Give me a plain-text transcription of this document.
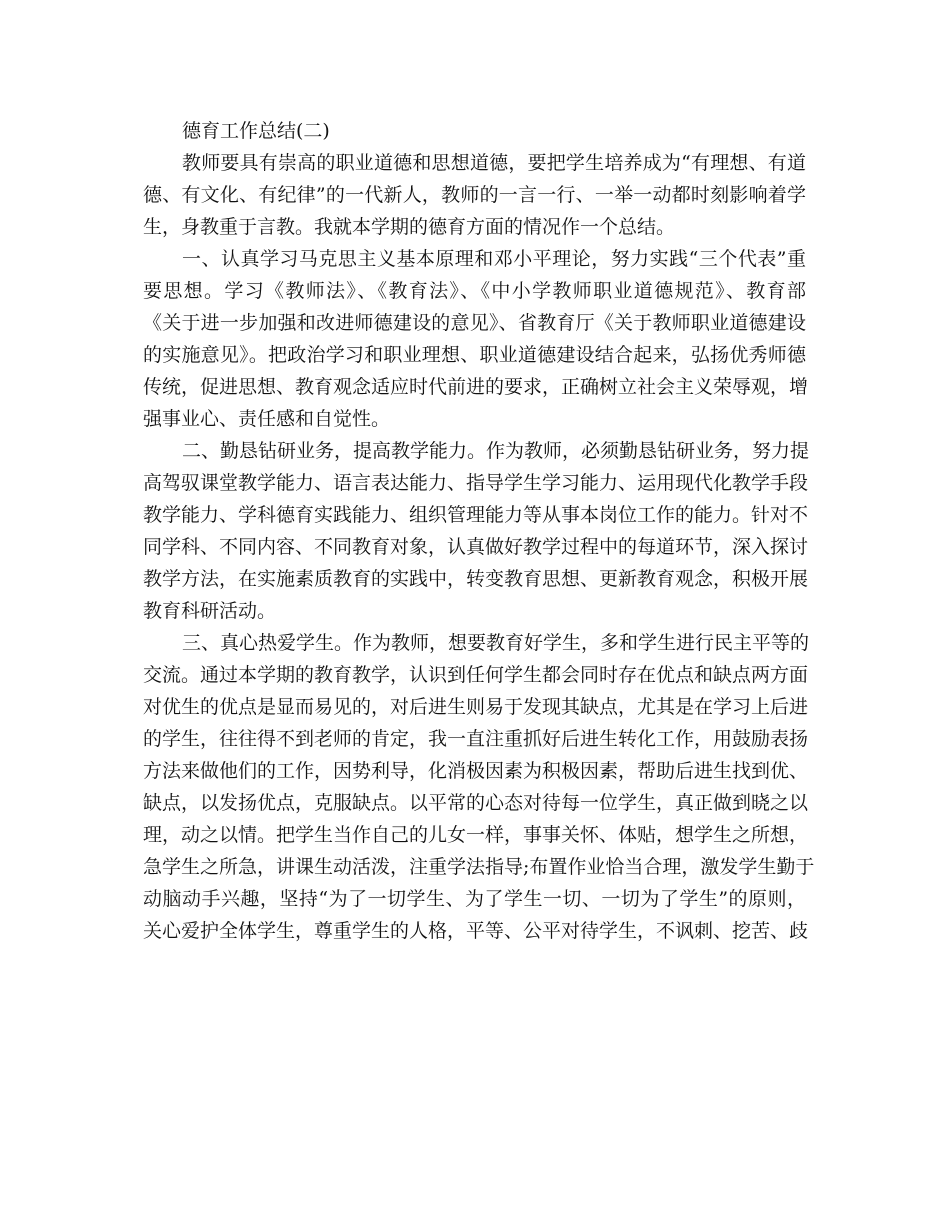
德育工作总结(二)
教师要具有崇高的职业道德和思想道德，要把学生培养成为“有理想、有道
德、有文化、有纪律”的一代新人，教师的一言一行、一举一动都时刻影响着学
生，身教重于言教。我就本学期的德育方面的情况作一个总结。
一、认真学习马克思主义基本原理和邓小平理论，努力实践“三个代表”重
要思想。学习《教师法》、《教育法》、《中小学教师职业道德规范》、教育部
《关于进一步加强和改进师德建设的意见》、省教育厅《关于教师职业道德建设
的实施意见》。把政治学习和职业理想、职业道德建设结合起来，弘扬优秀师德
传统，促进思想、教育观念适应时代前进的要求，正确树立社会主义荣辱观，增
强事业心、责任感和自觉性。
二、勤恳钻研业务，提高教学能力。作为教师，必须勤恳钻研业务，努力提
高驾驭课堂教学能力、语言表达能力、指导学生学习能力、运用现代化教学手段
教学能力、学科德育实践能力、组织管理能力等从事本岗位工作的能力。针对不
同学科、不同内容、不同教育对象，认真做好教学过程中的每道环节，深入探讨
教学方法，在实施素质教育的实践中，转变教育思想、更新教育观念，积极开展
教育科研活动。
三、真心热爱学生。作为教师，想要教育好学生，多和学生进行民主平等的
交流。通过本学期的教育教学，认识到任何学生都会同时存在优点和缺点两方面
对优生的优点是显而易见的，对后进生则易于发现其缺点，尤其是在学习上后进
的学生，往往得不到老师的肯定，我一直注重抓好后进生转化工作，用鼓励表扬
方法来做他们的工作，因势利导，化消极因素为积极因素，帮助后进生找到优、
缺点，以发扬优点，克服缺点。以平常的心态对待每一位学生，真正做到晓之以
理，动之以情。把学生当作自己的儿女一样，事事关怀、体贴，想学生之所想，
急学生之所急，讲课生动活泼，注重学法指导;布置作业恰当合理，激发学生勤于
动脑动手兴趣，坚持“为了一切学生、为了学生一切、一切为了学生”的原则，
关心爱护全体学生，尊重学生的人格，平等、公平对待学生，不讽刺、挖苦、歧
